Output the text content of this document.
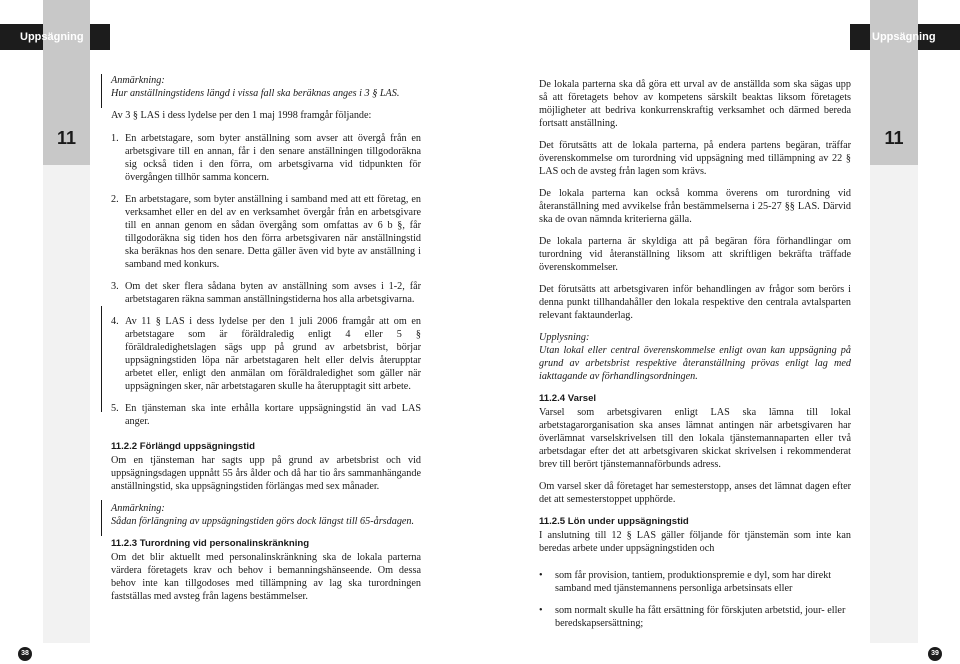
11	11
Uppsägning	Uppsägning

Anmärkning:
Hur anställningstidens längd i vissa fall ska beräknas anges i 3 § LAS.

Av 3 § LAS i dess lydelse per den 1 maj 1998 framgår följande:

1. En arbetstagare, som byter anställning som avser att övergå från en arbetsgivare till en annan, får i den senare anställningen tillgodoräkna sig också tiden i den förra, om arbetsgivarna vid tidpunkten för övergången tillhör samma koncern.
2. En arbetstagare, som byter anställning i samband med att ett företag, en verksamhet eller en del av en verksamhet övergår från en arbetsgivare till en annan genom en sådan övergång som omfattas av 6 b §, får tillgodoräkna sig tiden hos den förra arbetsgivaren när anställningstid ska beräknas hos den senare. Detta gäller även vid byte av anställning i samband med konkurs.
3. Om det sker flera sådana byten av anställning som avses i 1-2, får arbetstagaren räkna samman anställningstiderna hos alla arbetsgivarna.
4. Av 11 § LAS i dess lydelse per den 1 juli 2006 framgår att om en arbetstagare som är föräldraledig enligt 4 eller 5 § föräldraledighetslagen sägs upp på grund av arbetsbrist, börjar uppsägningstiden löpa när arbetstagaren helt eller delvis återupptar arbetet eller, enligt den anmälan om föräldraledighet som gäller när uppsägningen sker, när arbetstagaren skulle ha återupptagit sitt arbete.
5. En tjänsteman ska inte erhålla kortare uppsägningstid än vad LAS anger.
11.2.2 Förlängd uppsägningstid

Om en tjänsteman har sagts upp på grund av arbetsbrist och vid uppsägningsdagen uppnått 55 års ålder och då har tio års sammanhängande anställningstid, ska uppsägningstiden förlängas med sex månader.

Anmärkning:
Sådan förlängning av uppsägningstiden görs dock längst till 65-årsdagen.

11.2.3 Turordning vid personalinskränkning

Om det blir aktuellt med personalinskränkning ska de lokala parterna värdera företagets krav och behov i bemanningshänseende. Om dessa behov inte kan tillgodoses med tillämpning av lag ska turordningen fastställas med avsteg från lagens bestämmelser.

De lokala parterna ska då göra ett urval av de anställda som ska sägas upp så att företagets behov av kompetens särskilt beaktas liksom företagets möjligheter att bedriva konkurrenskraftig verksamhet och därmed bereda fortsatt anställning.

Det förutsätts att de lokala parterna, på endera partens begäran, träffar överenskommelse om turordning vid uppsägning med tillämpning av 22 § LAS och de avsteg från lagen som krävs.

De lokala parterna kan också komma överens om turordning vid återanställning med avvikelse från bestämmelserna i 25-27 §§ LAS. Därvid ska de ovan nämnda kriterierna gälla.

De lokala parterna är skyldiga att på begäran föra förhandlingar om turordning vid återanställning liksom att skriftligen bekräfta träffade överenskommelser.

Det förutsätts att arbetsgivaren inför behandlingen av frågor som berörs i denna punkt tillhandahåller den lokala respektive den centrala avtalsparten relevant faktaunderlag.

Upplysning:
Utan lokal eller central överenskommelse enligt ovan kan uppsägning på grund av arbetsbrist respektive återanställning prövas enligt lag med iakttagande av förhandlingsordningen.

11.2.4 Varsel

Varsel som arbetsgivaren enligt LAS ska lämna till lokal arbetstagarorganisation ska anses lämnat antingen när arbetsgivaren har överlämnat varselskrivelsen till den lokala tjänstemannaparten eller två arbetsdagar efter det att arbetsgivaren skickat skrivelsen i rekommenderat brev till berört tjänstemannaförbunds adress.

Om varsel sker då företaget har semesterstopp, anses det lämnat dagen efter det att semesterstoppet upphörde.

11.2.5 Lön under uppsägningstid

I anslutning till 12 § LAS gäller följande för tjänstemän som inte kan beredas arbete under uppsägningstiden och

•	som får provision, tantiem, produktionspremie e dyl, som har direkt samband med tjänstemannens personliga arbetsinsats eller
•	som normalt skulle ha fått ersättning för förskjuten arbetstid, jour- eller beredskapsersättning;
38	39
